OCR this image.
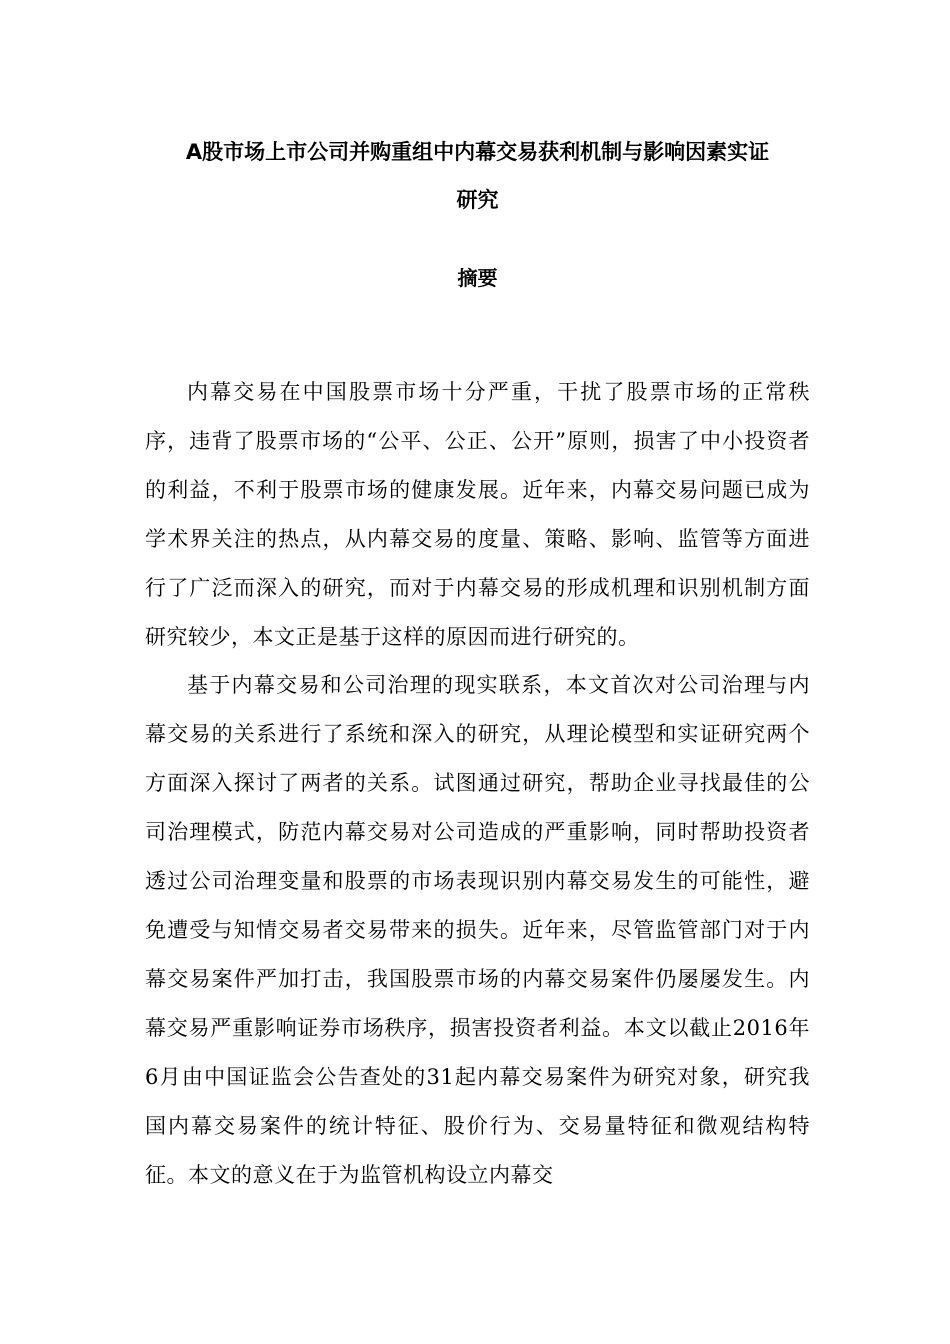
A股市场上市公司并购重组中内幕交易获利机制与影响因素实证
研究
摘要

内幕交易在中国股票市场十分严重，干扰了股票市场的正常秩序，违背了股票市场的“公平、公正、公开”原则，损害了中小投资者的利益，不利于股票市场的健康发展。近年来，内幕交易问题已成为学术界关注的热点，从内幕交易的度量、策略、影响、监管等方面进行了广泛而深入的研究，而对于内幕交易的形成机理和识别机制方面研究较少，本文正是基于这样的原因而进行研究的。

基于内幕交易和公司治理的现实联系，本文首次对公司治理与内幕交易的关系进行了系统和深入的研究，从理论模型和实证研究两个方面深入探讨了两者的关系。试图通过研究，帮助企业寻找最佳的公司治理模式，防范内幕交易对公司造成的严重影响，同时帮助投资者透过公司治理变量和股票的市场表现识别内幕交易发生的可能性，避免遭受与知情交易者交易带来的损失。近年来，尽管监管部门对于内幕交易案件严加打击，我国股票市场的内幕交易案件仍屡屡发生。内幕交易严重影响证券市场秩序，损害投资者利益。本文以截止2016年6月由中国证监会公告查处的31起内幕交易案件为研究对象，研究我国内幕交易案件的统计特征、股价行为、交易量特征和微观结构特征。本文的意义在于为监管机构设立内幕交
